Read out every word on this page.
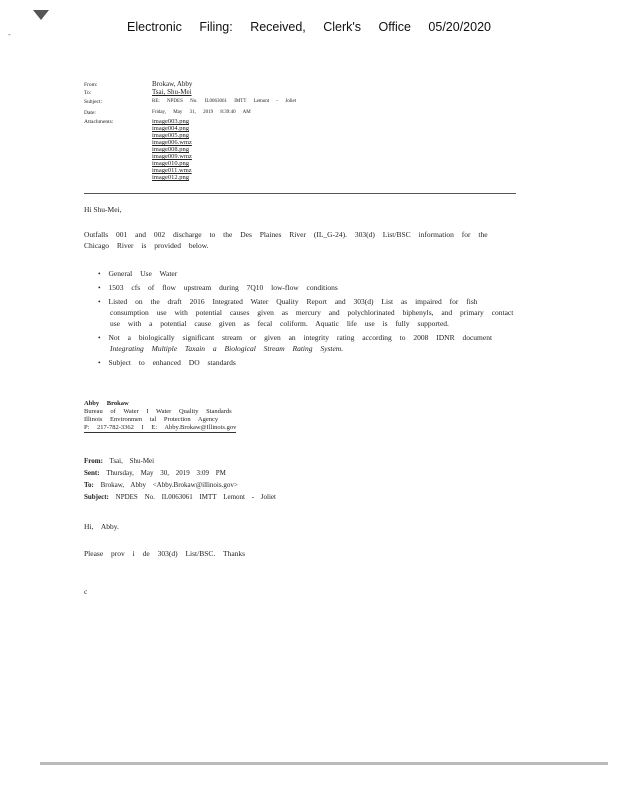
-
Electronic Filing: Received, Clerk's Office 05/20/2020
From:	Brokaw, Abby
To:	Tsai, Shu-Mei
Subject:	RE: NPDES No. IL0063061 IMTT Lemont - Joliet
Date:	Friday, May 31, 2019 8:39:40 AM
Attachments:	image003.png
image004.png
image005.png
image006.wmz
image008.png
image009.wmz
image010.png
image011.wmz
image012.png
Hi Shu-Mei,
Outfalls 001 and 002 discharge to the Des Plaines River (IL_G-24). 303(d) List/BSC information for the Chicago River is provided below.
• General Use Water
• 1503 cfs of flow upstream during 7Q10 low-flow conditions
• Listed on the draft 2016 Integrated Water Quality Report and 303(d) List as impaired for fish
consumption use with potential causes given as mercury and polychlorinated biphenyls, and primary contact use with a potential cause given as fecal coliform. Aquatic life use is fully supported.
• Not a biologically significant stream or given an integrity rating according to 2008 IDNR document
Integrating Multiple Taxain a Biological Stream Rating System.
• Subject to enhanced DO standards
Abby Brokaw
Bureau of Water I Water Quality Standards
Illinois Environmen tal Protection Agency
P: 217-782-3362 I E: Abby.Brokaw@Illinois.gov
From: Tsai, Shu-Mei
Sent: Thursday, May 30, 2019 3:09 PM
To: Brokaw, Abby <Abby.Brokaw@illinois.gov>
Subject: NPDES No. IL0063061 IMTT Lemont - Joliet
Hi, Abby.
Please prov i de 303(d) List/BSC. Thanks
c
